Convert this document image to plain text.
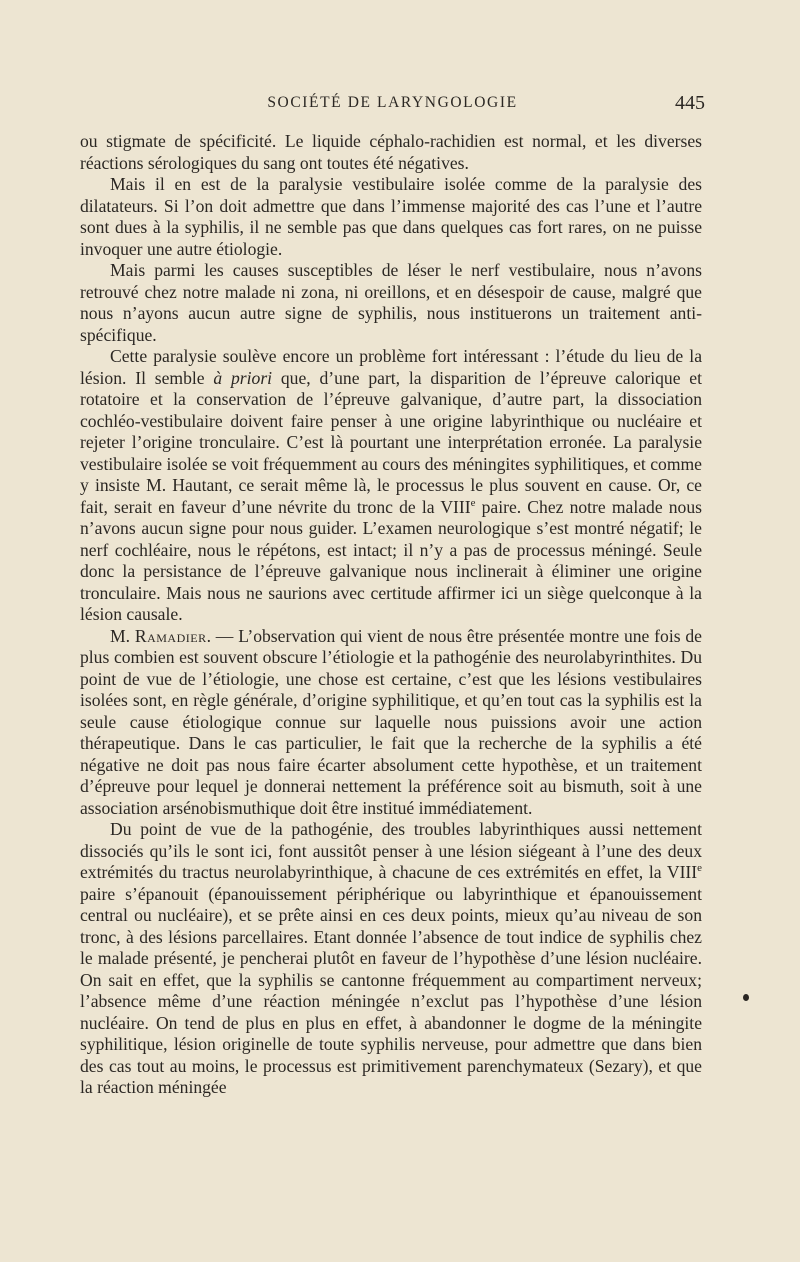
SOCIÉTÉ DE LARYNGOLOGIE	445

ou stigmate de spécificité. Le liquide céphalo-rachidien est normal, et les diverses réactions sérologiques du sang ont toutes été négatives.

Mais il en est de la paralysie vestibulaire isolée comme de la paralysie des dilatateurs. Si l’on doit admettre que dans l’immense majorité des cas l’une et l’autre sont dues à la syphilis, il ne semble pas que dans quelques cas fort rares, on ne puisse invoquer une autre étiologie.

Mais parmi les causes susceptibles de léser le nerf vestibulaire, nous n’avons retrouvé chez notre malade ni zona, ni oreillons, et en désespoir de cause, malgré que nous n’ayons aucun autre signe de syphilis, nous instituerons un traitement anti-spécifique.

Cette paralysie soulève encore un problème fort intéressant : l’étude du lieu de la lésion. Il semble à priori que, d’une part, la disparition de l’épreuve calorique et rotatoire et la conservation de l’épreuve galvanique, d’autre part, la dissociation cochléo-vestibulaire doivent faire penser à une origine labyrinthique ou nucléaire et rejeter l’origine tronculaire. C’est là pourtant une interprétation erronée. La paralysie vestibulaire isolée se voit fréquemment au cours des méningites syphilitiques, et comme y insiste M. Hautant, ce serait même là, le processus le plus souvent en cause. Or, ce fait, serait en faveur d’une névrite du tronc de la VIIIe paire. Chez notre malade nous n’avons aucun signe pour nous guider. L’examen neurologique s’est montré négatif; le nerf cochléaire, nous le répétons, est intact; il n’y a pas de processus méningé. Seule donc la persistance de l’épreuve galvanique nous inclinerait à éliminer une origine tronculaire. Mais nous ne saurions avec certitude affirmer ici un siège quelconque à la lésion causale.

M. Ramadier. — L’observation qui vient de nous être présentée montre une fois de plus combien est souvent obscure l’étiologie et la pathogénie des neurolabyrinthites. Du point de vue de l’étiologie, une chose est certaine, c’est que les lésions vestibulaires isolées sont, en règle générale, d’origine syphilitique, et qu’en tout cas la syphilis est la seule cause étiologique connue sur laquelle nous puissions avoir une action thérapeutique. Dans le cas particulier, le fait que la recherche de la syphilis a été négative ne doit pas nous faire écarter absolument cette hypothèse, et un traitement d’épreuve pour lequel je donnerai nettement la préférence soit au bismuth, soit à une association arsénobismuthique doit être institué immédiatement.

Du point de vue de la pathogénie, des troubles labyrinthiques aussi nettement dissociés qu’ils le sont ici, font aussitôt penser à une lésion siégeant à l’une des deux extrémités du tractus neurolabyrinthique, à chacune de ces extrémités en effet, la VIIIe paire s’épanouit (épanouissement périphérique ou labyrinthique et épanouissement central ou nucléaire), et se prête ainsi en ces deux points, mieux qu’au niveau de son tronc, à des lésions parcellaires. Etant donnée l’absence de tout indice de syphilis chez le malade présenté, je pencherai plutôt en faveur de l’hypothèse d’une lésion nucléaire. On sait en effet, que la syphilis se cantonne fréquemment au compartiment nerveux; l’absence même d’une réaction méningée n’exclut pas l’hypothèse d’une lésion nucléaire. On tend de plus en plus en effet, à abandonner le dogme de la méningite syphilitique, lésion originelle de toute syphilis nerveuse, pour admettre que dans bien des cas tout au moins, le processus est primitivement parenchymateux (Sezary), et que la réaction méningée
